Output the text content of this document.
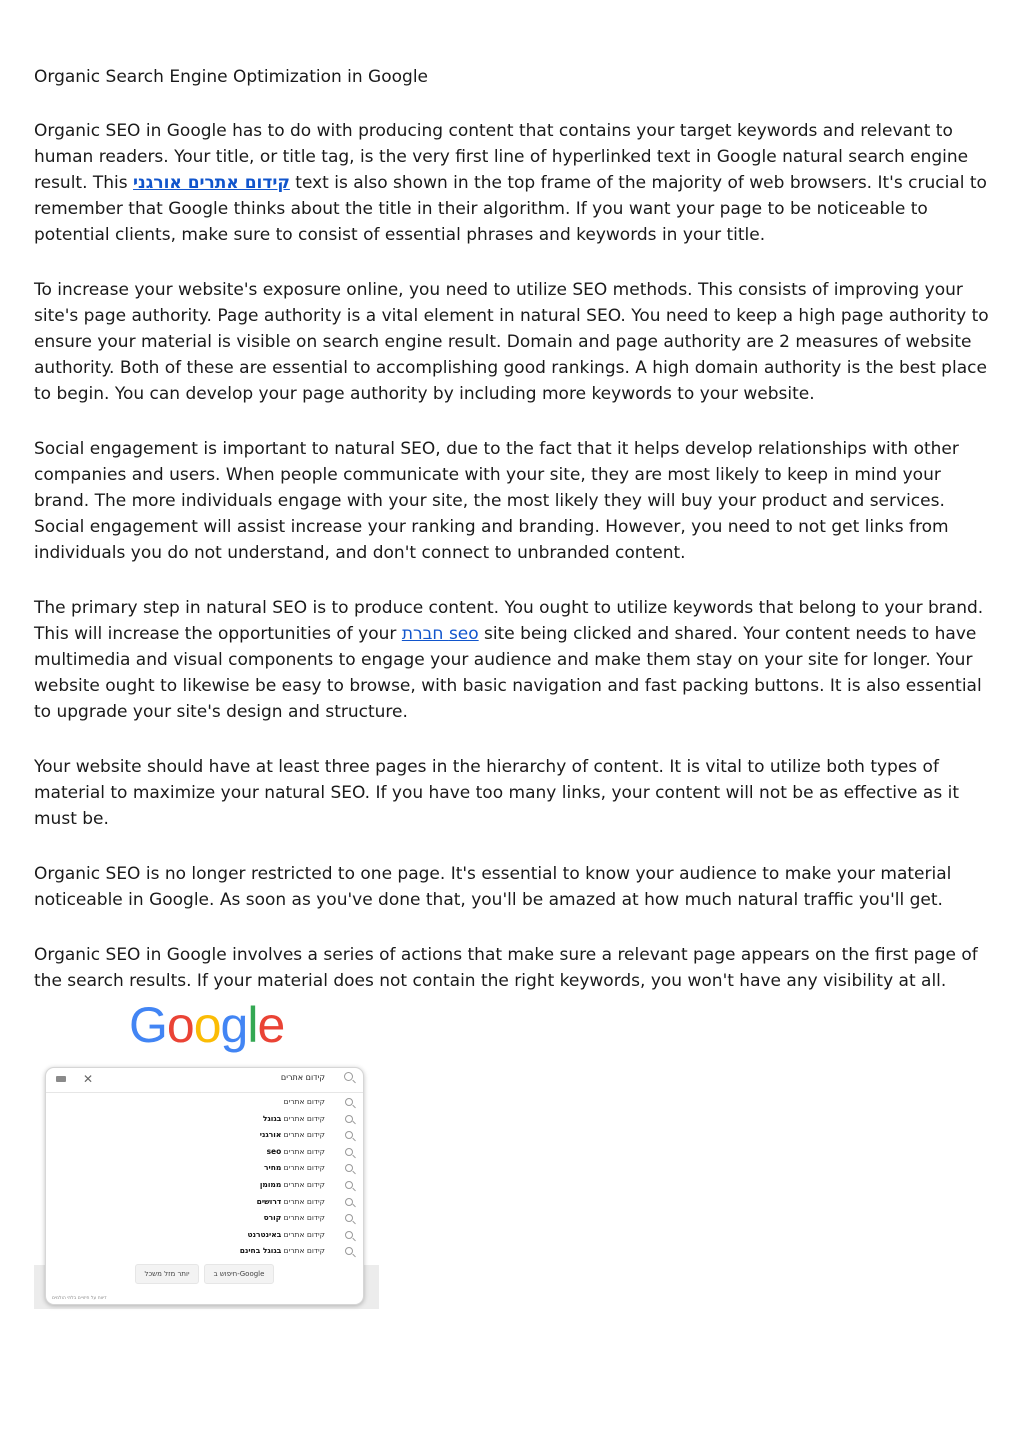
Organic Search Engine Optimization in Google

Organic SEO in Google has to do with producing content that contains your target keywords and relevant to human readers. Your title, or title tag, is the very first line of hyperlinked text in Google natural search engine result. This קידום אתרים אורגני text is also shown in the top frame of the majority of web browsers. It's crucial to remember that Google thinks about the title in their algorithm. If you want your page to be noticeable to potential clients, make sure to consist of essential phrases and keywords in your title.

To increase your website's exposure online, you need to utilize SEO methods. This consists of improving your site's page authority. Page authority is a vital element in natural SEO. You need to keep a high page authority to ensure your material is visible on search engine result. Domain and page authority are 2 measures of website authority. Both of these are essential to accomplishing good rankings. A high domain authority is the best place to begin. You can develop your page authority by including more keywords to your website.

Social engagement is important to natural SEO, due to the fact that it helps develop relationships with other companies and users. When people communicate with your site, they are most likely to keep in mind your brand. The more individuals engage with your site, the most likely they will buy your product and services. Social engagement will assist increase your ranking and branding. However, you need to not get links from individuals you do not understand, and don't connect to unbranded content.

The primary step in natural SEO is to produce content. You ought to utilize keywords that belong to your brand. This will increase the opportunities of your seo חברת site being clicked and shared. Your content needs to have multimedia and visual components to engage your audience and make them stay on your site for longer. Your website ought to likewise be easy to browse, with basic navigation and fast packing buttons. It is also essential to upgrade your site's design and structure.

Your website should have at least three pages in the hierarchy of content. It is vital to utilize both types of material to maximize your natural SEO. If you have too many links, your content will not be as effective as it must be.

Organic SEO is no longer restricted to one page. It's essential to know your audience to make your material noticeable in Google. As soon as you've done that, you'll be amazed at how much natural traffic you'll get.

Organic SEO in Google involves a series of actions that make sure a relevant page appears on the first page of the search results. If your material does not contain the right keywords, you won't have any visibility at all.

Google
✕	קידום אתרים
קידום אתרים
קידום אתרים בגוגל
קידום אתרים אורגני
קידום אתרים seo
קידום אתרים מחיר
קידום אתרים ממומן
קידום אתרים דרושים
קידום אתרים קורס
קידום אתרים באינטרנט
קידום אתרים בגוגל בחינם
יותר מזל משכל	חיפוש ב-Google
דיווח על חיזויים בלתי הולמים
